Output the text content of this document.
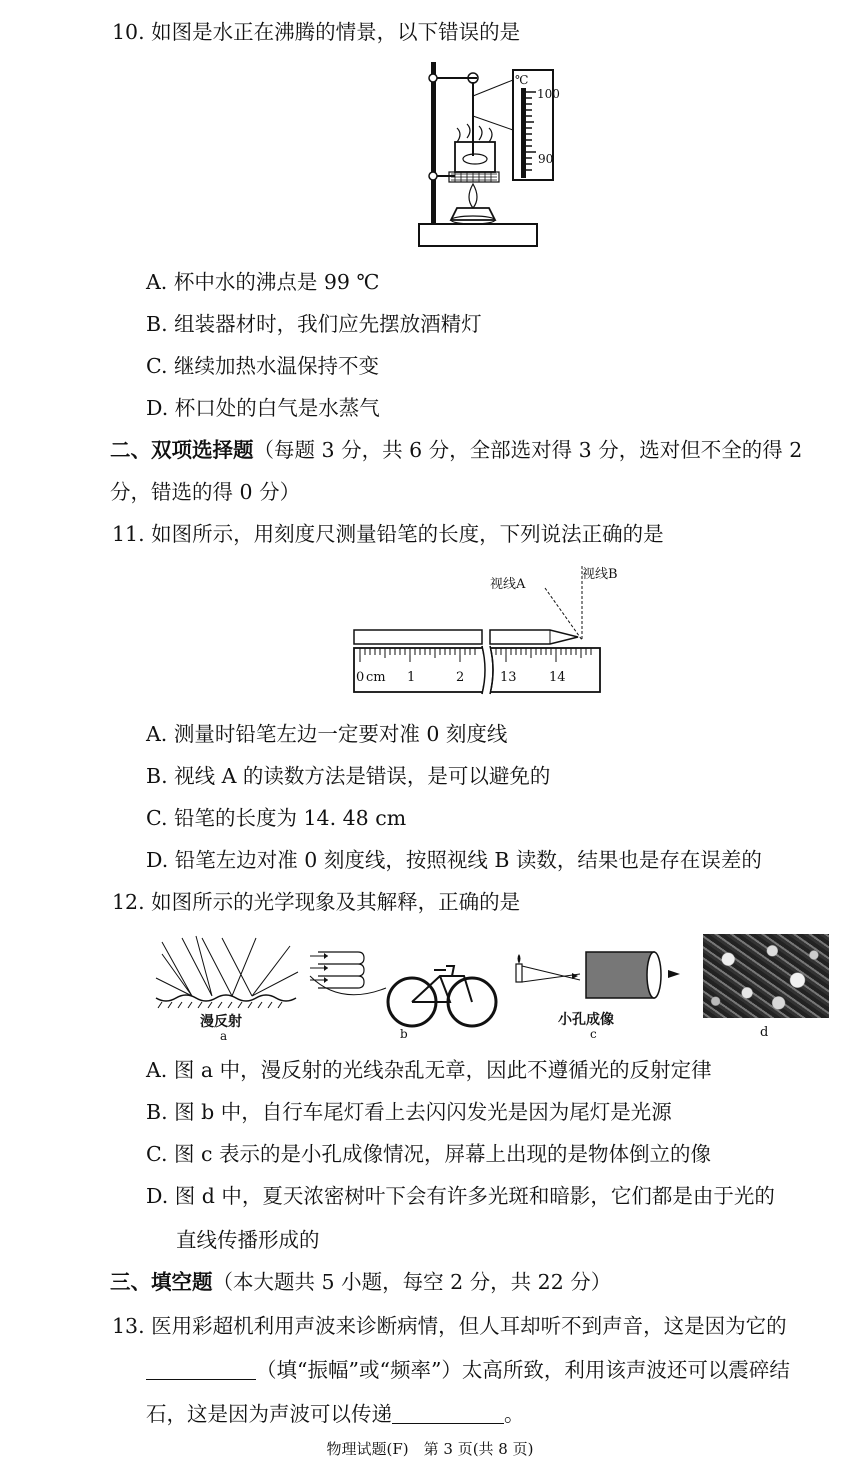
10. 如图是水正在沸腾的情景，以下错误的是
℃
100
90
A. 杯中水的沸点是 99 ℃
B. 组装器材时，我们应先摆放酒精灯
C. 继续加热水温保持不变
D. 杯口处的白气是水蒸气
二、双项选择题（每题 3 分，共 6 分，全部选对得 3 分，选对但不全的得 2
分，错选的得 0 分）
11. 如图所示，用刻度尺测量铅笔的长度，下列说法正确的是
视线A
视线B
0 cm 1	2	13 14
A. 测量时铅笔左边一定要对准 0 刻度线
B. 视线 A 的读数方法是错误，是可以避免的
C. 铅笔的长度为 14. 48 cm
D. 铅笔左边对准 0 刻度线，按照视线 B 读数，结果也是存在误差的
12. 如图所示的光学现象及其解释，正确的是
漫反射
a	b
小孔成像
c	d
A. 图 a 中，漫反射的光线杂乱无章，因此不遵循光的反射定律
B. 图 b 中，自行车尾灯看上去闪闪发光是因为尾灯是光源
C. 图 c 表示的是小孔成像情况，屏幕上出现的是物体倒立的像
D. 图 d 中，夏天浓密树叶下会有许多光斑和暗影，它们都是由于光的
直线传播形成的
三、填空题（本大题共 5 小题，每空 2 分，共 22 分）
13. 医用彩超机利用声波来诊断病情，但人耳却听不到声音，这是因为它的
（填“振幅”或“频率”）太高所致，利用该声波还可以震碎结
石，这是因为声波可以传递	。
物理试题(F)　第 3 页(共 8 页)
